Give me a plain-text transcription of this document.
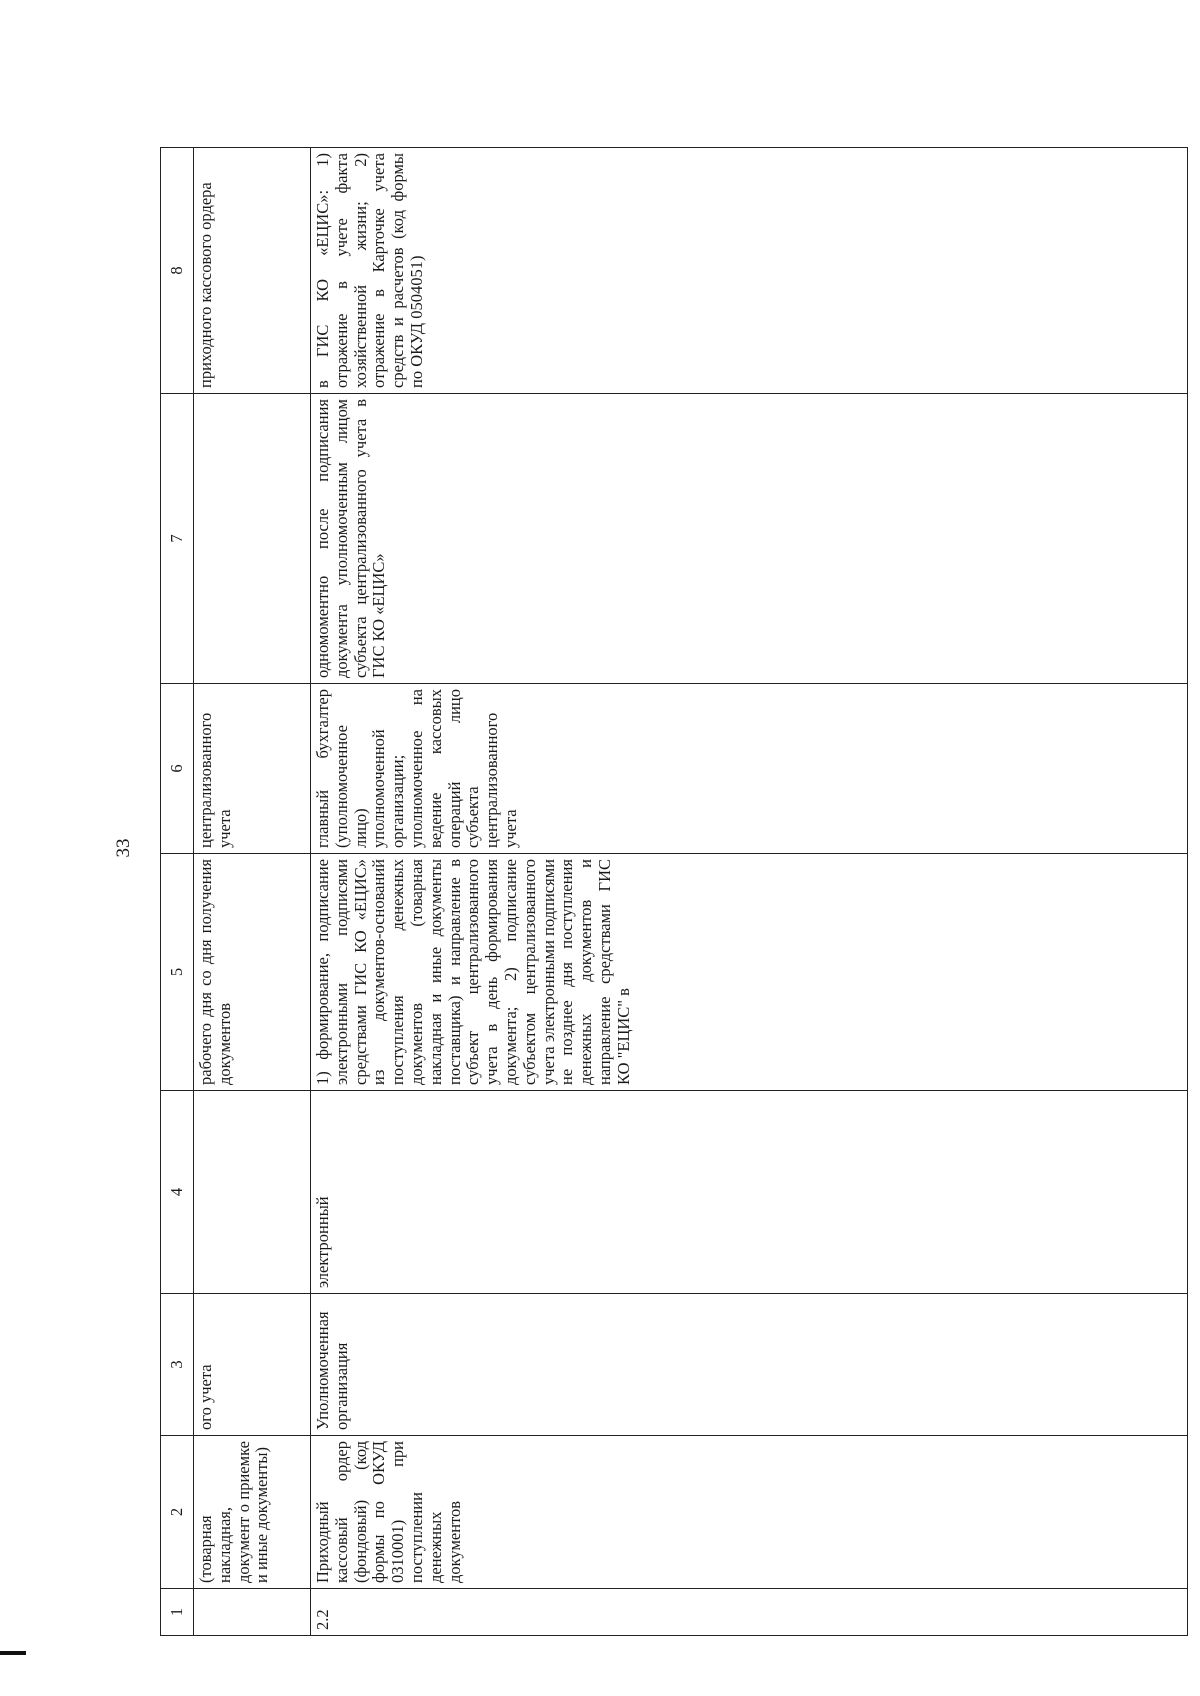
33
1	2	3	4	5	6	7	8
	(товарная накладная, документ о приемке и иные документы)	ого учета		рабочего дня со дня получения документов	централизованного учета		приходного кассового ордера
2.2	Приходный кассовый ордер (фондовый) (код формы по ОКУД 0310001) при поступлении денежных документов	Уполномоченная организация	электронный	1) формирование, подписание электронными подписями средствами ГИС КО «ЕЦИС» из документов-оснований поступления денежных документов (товарная накладная и иные документы поставщика) и направление в субъект централизованного учета в день формирования документа; 2) подписание субъектом централизованного учета электронными подписями не позднее дня поступления денежных документов и направление средствами ГИС КО "ЕЦИС" в	главный бухгалтер (уполномоченное лицо) уполномоченной организации; уполномоченное на ведение кассовых операций лицо субъекта централизованного учета	одномоментно после подписания документа уполномоченным лицом субъекта централизованного учета в ГИС КО «ЕЦИС»	в ГИС КО «ЕЦИС»: 1) отражение в учете факта хозяйственной жизни; 2) отражение в Карточке учета средств и расчетов (код формы по ОКУД 0504051)
